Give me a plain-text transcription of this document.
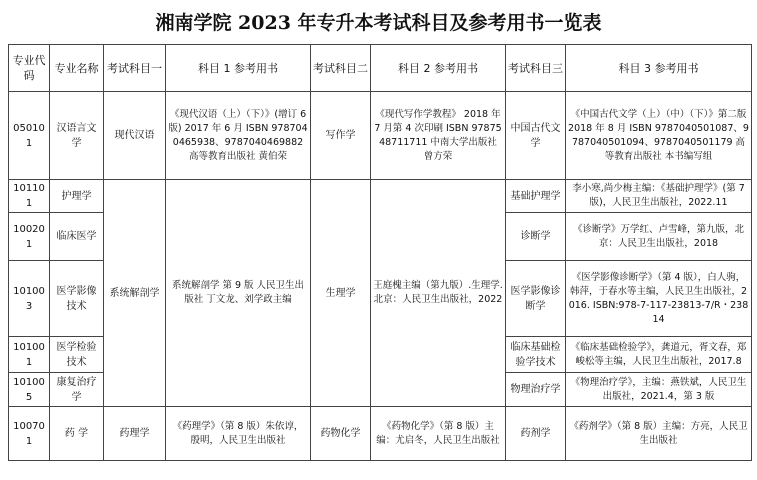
湘南学院 2023 年专升本考试科目及参考用书一览表
专业代码	专业名称	考试科目一	科目 1 参考用书	考试科目二	科目 2 参考用书	考试科目三	科目 3 参考用书
050101	汉语言文学	现代汉语	《现代汉语（上）（下）》(增订 6 版) 2017 年 6 月 ISBN 9787040465938、9787040469882 高等教育出版社 黄伯荣	写作学	《现代写作学教程》 2018 年 7 月第 4 次印刷 ISBN 9787548711711 中南大学出版社 曾方荣	中国古代文学	《中国古代文学（上）（中）（下）》第二版 2018 年 8 月 ISBN 9787040501087、9787040501094、9787040501179 高等教育出版社 本书编写组
101101	护理学	系统解剖学	系统解剖学 第 9 版 人民卫生出版社 丁文龙、刘学政主编	生理学	王庭槐主编（第九版）.生理学.北京：人民卫生出版社，2022	基础护理学	李小寒,尚少梅主编：《基础护理学》(第 7 版)，人民卫生出版社，2022.11
100201	临床医学					诊断学	《诊断学》万学红、卢雪峰，第九版，北京：人民卫生出版社，2018
101003	医学影像技术					医学影像诊断学	《医学影像诊断学》（第 4 版），白人驹，韩萍，于春水等主编，人民卫生出版社，2016. ISBN:978-7-117-23813-7/R・23814
101001	医学检验技术					临床基础检验学技术	《临床基础检验学》，龚道元，胥文春，郑峻松等主编，人民卫生出版社，2017.8
101005	康复治疗学					物理治疗学	《物理治疗学》，主编：燕铁斌，人民卫生出版社，2021.4，第 3 版
100701	药 学	药理学	《药理学》（第 8 版）朱依谆，殷明，人民卫生出版社	药物化学	《药物化学》（第 8 版）主编：尤启冬，人民卫生出版社	药剂学	《药剂学》（第 8 版）主编：方亮，人民卫生出版社
